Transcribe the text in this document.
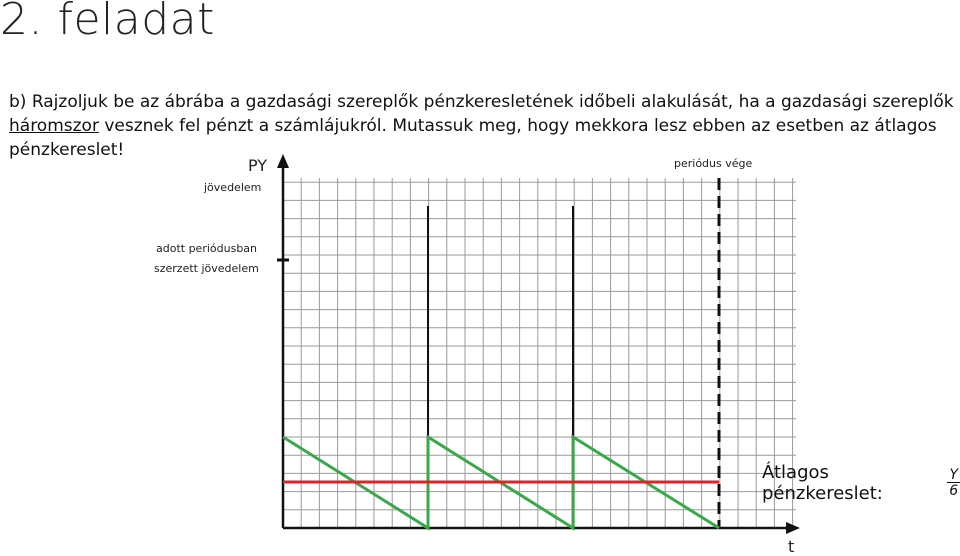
2. feladat
b) Rajzoljuk be az ábrába a gazdasági szereplők pénzkeresletének időbeli alakulását, ha a gazdasági szereplők
háromszor vesznek fel pénzt a számlájukról. Mutassuk meg, hogy mekkora lesz ebben az esetben az átlagos
pénzkereslet!
PY
jövedelem
adott periódusban
szerzett jövedelem
periódus vége
t
Átlagos pénzkereslet:	$\frac{Y}{6}$
